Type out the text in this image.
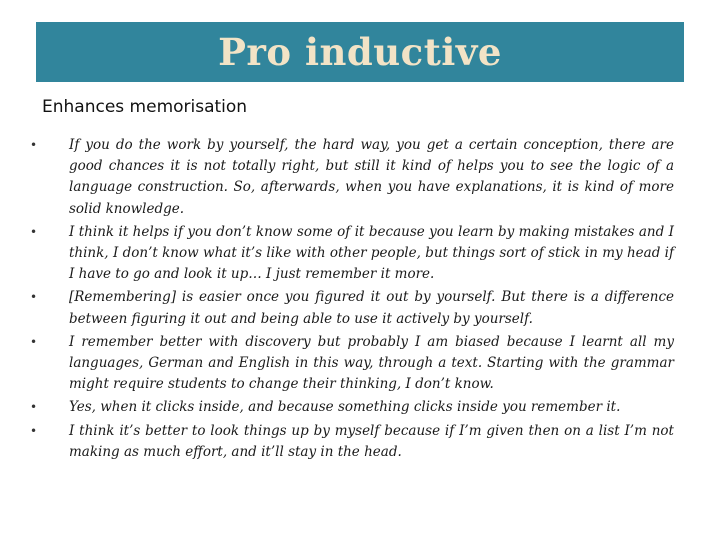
Pro inductive
Enhances memorisation
•	If you do the work by yourself, the hard way, you get a certain conception, there are good chances it is not totally right, but still it kind of helps you to see the logic of a language construction. So, afterwards, when you have explanations, it is kind of more solid knowledge.
•	I think it helps if you don’t know some of it because you learn by making mistakes and I think, I don’t know what it’s like with other people, but things sort of stick in my head if I have to go and look it up… I just remember it more.
•	[Remembering] is easier once you figured it out by yourself. But there is a difference between figuring it out and being able to use it actively by yourself.
•	I remember better with discovery but probably I am biased because I learnt all my languages, German and English in this way, through a text. Starting with the grammar might require students to change their thinking, I don’t know.
•	Yes, when it clicks inside, and because something clicks inside you remember it.
•	I think it’s better to look things up by myself because if I’m given then on a list I’m not making as much effort, and it’ll stay in the head.
